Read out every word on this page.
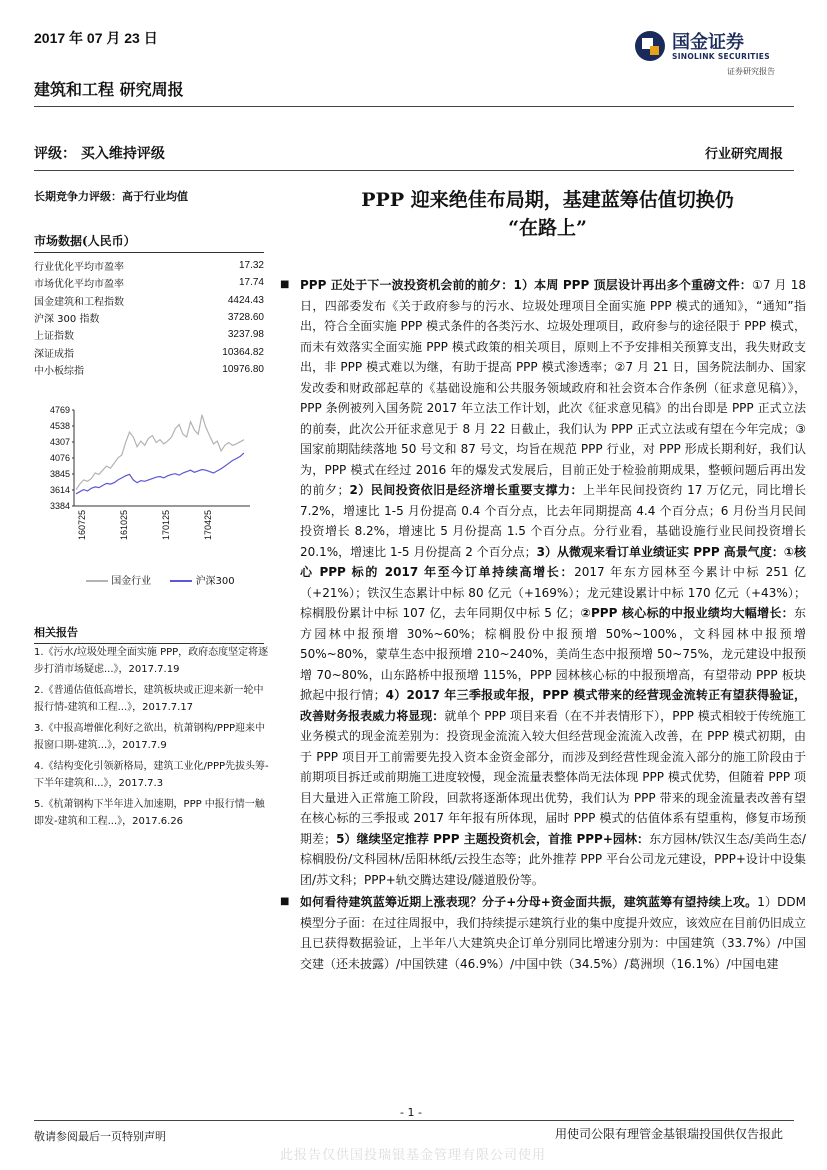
2017 年 07 月 23 日
建筑和工程 研究周报
国金证券
SINOLINK SECURITIES
证券研究报告
评级： 买入维持评级	行业研究周报
长期竞争力评级：高于行业均值
市场数据(人民币）
行业优化平均市盈率	17.32
市场优化平均市盈率	17.74
国金建筑和工程指数	4424.43
沪深 300 指数	3728.60
上证指数	3237.98
深证成指	10364.82
中小板综指	10976.80
4769
4538
4307
4076
3845
3614
3384
160725	161025	170125	170425
国金行业	沪深300
相关报告
1.《污水/垃圾处理全面实施 PPP，政府态度坚定将逐步打消市场疑虑...》，2017.7.19
2.《普通估值低高增长，建筑板块或正迎来新一轮中报行情-建筑和工程...》，2017.7.17
3.《中报高增催化利好之欲出，杭萧钢构/PPP迎来中报窗口期-建筑...》，2017.7.9
4.《结构变化引领新格局，建筑工业化/PPP先拔头筹-下半年建筑和...》，2017.7.3
5.《杭萧钢构下半年进入加速期，PPP 中报行情一触即发-建筑和工程...》，2017.6.26
PPP 迎来绝佳布局期，基建蓝筹估值切换仍
“在路上”
■ PPP 正处于下一波投资机会前的前夕：1）本周 PPP 顶层设计再出多个重磅文件：①7 月 18 日，四部委发布《关于政府参与的污水、垃圾处理项目全面实施 PPP 模式的通知》，“通知”指出，符合全面实施 PPP 模式条件的各类污水、垃圾处理项目，政府参与的途径限于 PPP 模式，而未有效落实全面实施 PPP 模式政策的相关项目，原则上不予安排相关预算支出，我失财政支出，非 PPP 模式难以为继，有助于提高 PPP 模式渗透率；②7 月 21 日，国务院法制办、国家发改委和财政部起草的《基础设施和公共服务领域政府和社会资本合作条例（征求意见稿）》，PPP 条例被列入国务院 2017 年立法工作计划，此次《征求意见稿》的出台即是 PPP 正式立法的前奏，此次公开征求意见于 8 月 22 日截止，我们认为 PPP 正式立法或有望在今年完成；③国家前期陆续落地 50 号文和 87 号文，均旨在规范 PPP 行业，对 PPP 形成长期利好，我们认为，PPP 模式在经过 2016 年的爆发式发展后，目前正处于检验前期成果，整顿问题后再出发的前夕；2）民间投资依旧是经济增长重要支撑力：上半年民间投资约 17 万亿元，同比增长 7.2%，增速比 1-5 月份提高 0.4 个百分点，比去年同期提高 4.4 个百分点；6 月份当月民间投资增长 8.2%，增速比 5 月份提高 1.5 个百分点。分行业看，基础设施行业民间投资增长 20.1%，增速比 1-5 月份提高 2 个百分点；3）从微观来看订单业绩证实 PPP 高景气度：①核心 PPP 标的 2017 年至今订单持续高增长：2017 年东方园林至今累计中标 251 亿（+21%）；铁汉生态累计中标 80 亿元（+169%）；龙元建设累计中标 170 亿元（+43%）；棕榈股份累计中标 107 亿，去年同期仅中标 5 亿；②PPP 核心标的中报业绩均大幅增长：东方园林中报预增 30%~60%；棕榈股份中报预增 50%~100%，文科园林中报预增 50%~80%，蒙草生态中报预增 210~240%，美尚生态中报预增 50~75%，龙元建设中报预增 70~80%，山东路桥中报预增 115%，PPP 园林核心标的中报预增高，有望带动 PPP 板块掀起中报行情；4）2017 年三季报或年报，PPP 模式带来的经营现金流转正有望获得验证，改善财务报表威力将显现：就单个 PPP 项目来看（在不并表情形下），PPP 模式相较于传统施工业务模式的现金流差别为：投资现金流流入较大但经营现金流流入改善，在 PPP 模式初期，由于 PPP 项目开工前需要先投入资本金资金部分，而涉及到经营性现金流入部分的施工阶段由于前期项目拆迁或前期施工进度较慢，现金流量表整体尚无法体现 PPP 模式优势，但随着 PPP 项目大量进入正常施工阶段，回款将逐渐体现出优势，我们认为 PPP 带来的现金流量表改善有望在核心标的三季报或 2017 年年报有所体现，届时 PPP 模式的估值体系有望重构，修复市场预期差；5）继续坚定推荐 PPP 主题投资机会，首推 PPP+园林：东方园林/铁汉生态/美尚生态/棕榈股份/文科园林/岳阳林纸/云投生态等；此外推荐 PPP 平台公司龙元建设，PPP+设计中设集团/苏文科；PPP+轨交腾达建设/隧道股份等。
■ 如何看待建筑蓝筹近期上涨表现？分子+分母+资金面共振，建筑蓝筹有望持续上攻。1）DDM 模型分子面：在过往周报中，我们持续提示建筑行业的集中度提升效应，该效应在目前仍旧成立且已获得数据验证，上半年八大建筑央企订单分别同比增速分别为：中国建筑（33.7%）/中国交建（还未披露）/中国铁建（46.9%）/中国中铁（34.5%）/葛洲坝（16.1%）/中国电建
- 1 -
敬请参阅最后一页特别声明	用使司公限有理管金基银瑞投国供仅告报此
此报告仅供国投瑞银基金管理有限公司使用
